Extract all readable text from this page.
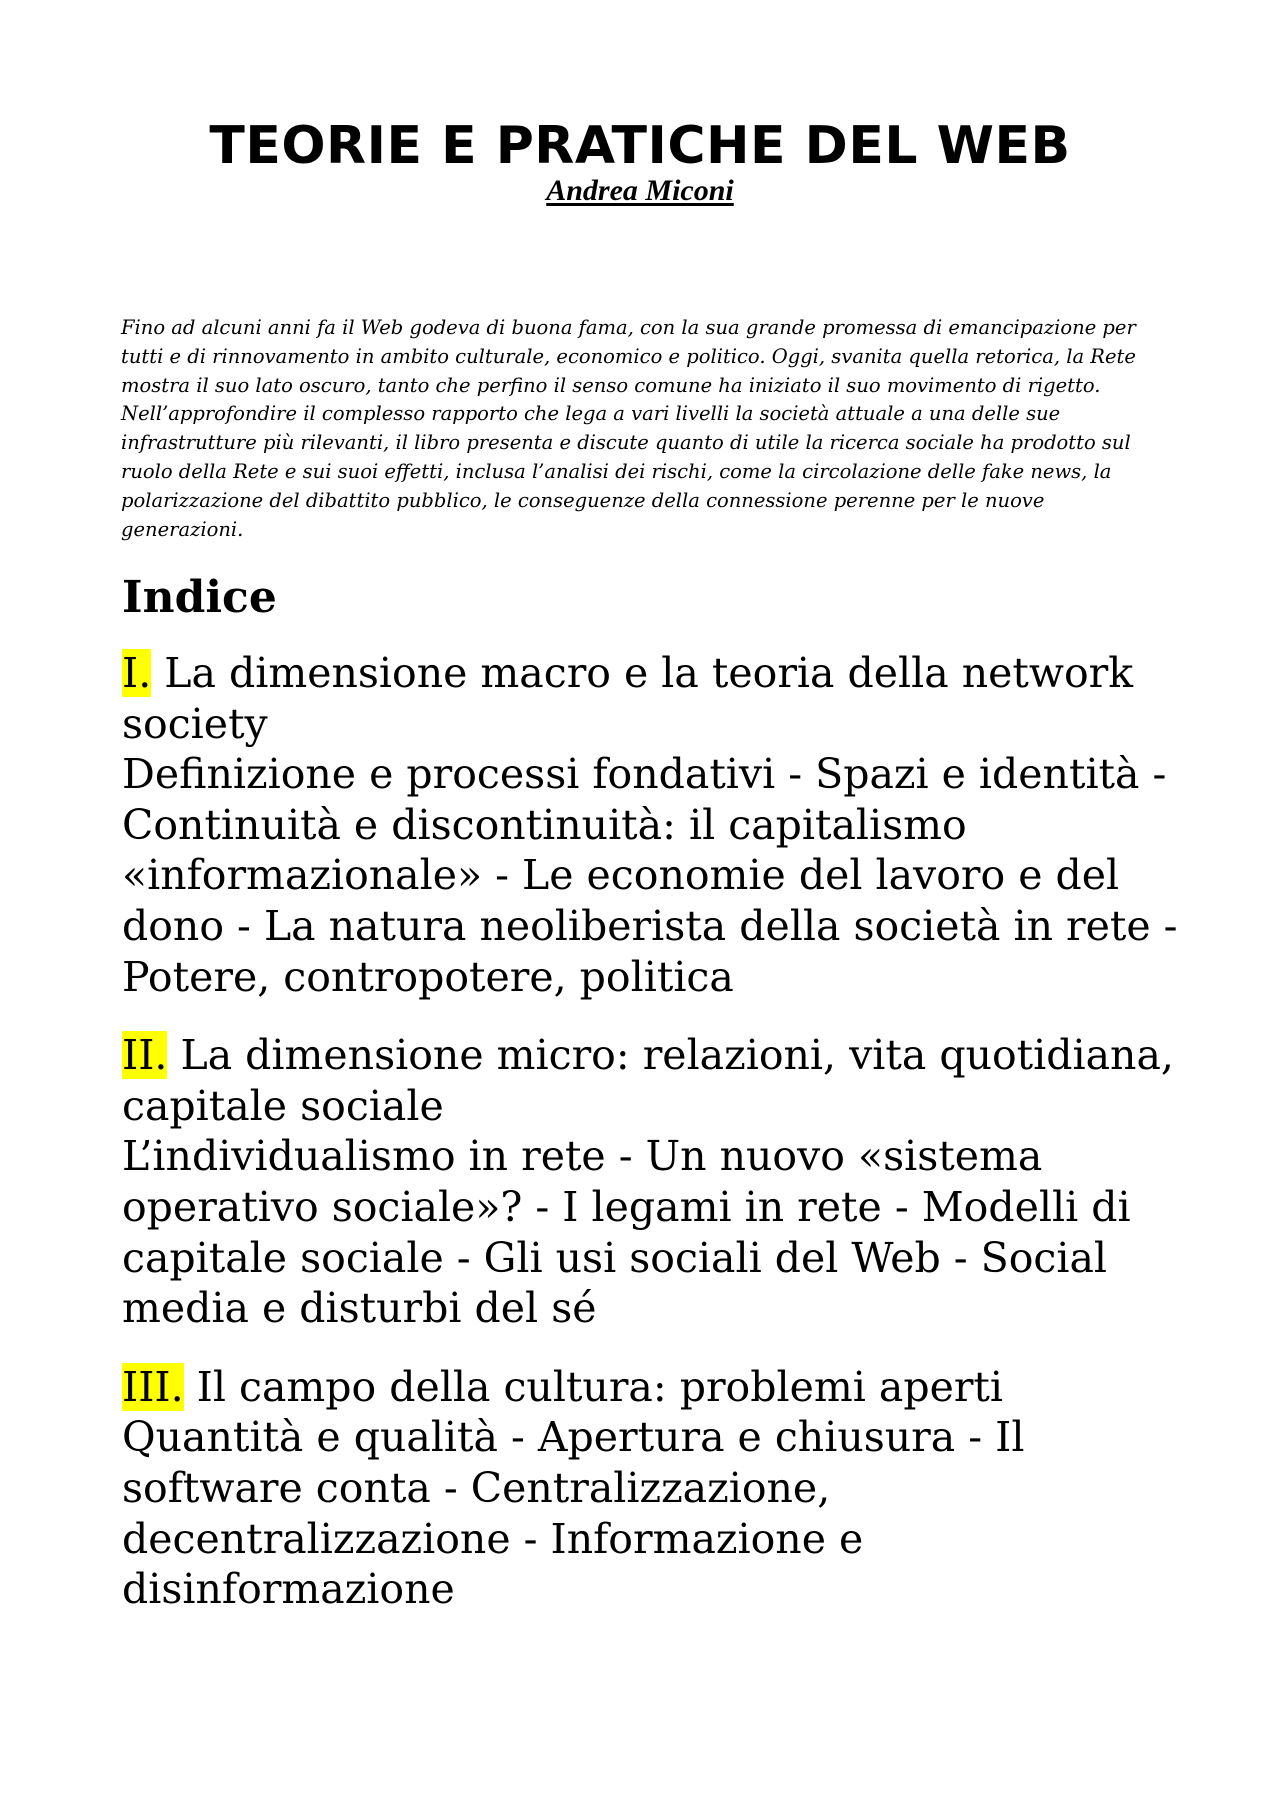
TEORIE E PRATICHE DEL WEB

Andrea Miconi

Fino ad alcuni anni fa il Web godeva di buona fama, con la sua grande promessa di emancipazione per tutti e di rinnovamento in ambito culturale, economico e politico. Oggi, svanita quella retorica, la Rete mostra il suo lato oscuro, tanto che perfino il senso comune ha iniziato il suo movimento di rigetto. Nell’approfondire il complesso rapporto che lega a vari livelli la società attuale a una delle sue infrastrutture più rilevanti, il libro presenta e discute quanto di utile la ricerca sociale ha prodotto sul ruolo della Rete e sui suoi effetti, inclusa l’analisi dei rischi, come la circolazione delle fake news, la polarizzazione del dibattito pubblico, le conseguenze della connessione perenne per le nuove generazioni.

Indice

I. La dimensione macro e la teoria della network society
Definizione e processi fondativi - Spazi e identità - Continuità e discontinuità: il capitalismo «informazionale» - Le economie del lavoro e del dono - La natura neoliberista della società in rete - Potere, contropotere, politica

II. La dimensione micro: relazioni, vita quotidiana, capitale sociale
L’individualismo in rete - Un nuovo «sistema operativo sociale»? - I legami in rete - Modelli di capitale sociale - Gli usi sociali del Web - Social media e disturbi del sé

III. Il campo della cultura: problemi aperti
Quantità e qualità - Apertura e chiusura - Il software conta - Centralizzazione, decentralizzazione - Informazione e disinformazione
